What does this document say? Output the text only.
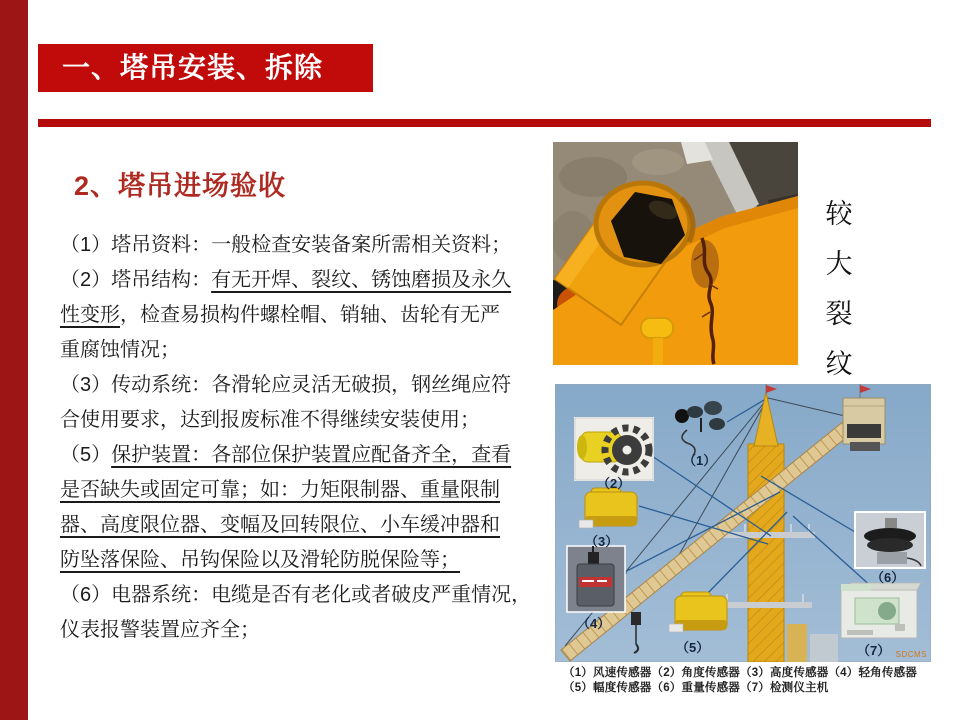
一、塔吊安装、拆除
2、塔吊进场验收
（1）塔吊资料：一般检查安装备案所需相关资料；
（2）塔吊结构：有无开焊、裂纹、锈蚀磨损及永久
性变形，检查易损构件螺栓帽、销轴、齿轮有无严
重腐蚀情况；
（3）传动系统：各滑轮应灵活无破损，钢丝绳应符
合使用要求，达到报废标准不得继续安装使用；
（5）保护装置：各部位保护装置应配备齐全，查看
是否缺失或固定可靠；如：力矩限制器、重量限制
器、高度限位器、变幅及回转限位、小车缓冲器和
防坠落保险、吊钩保险以及滑轮防脱保险等；
（6）电器系统：电缆是否有老化或者破皮严重情况，
仪表报警装置应齐全；
较
大
裂
纹
（1）
（2）
（3）
（4）
（5）
（6）
（7） SDCMS
（1）风速传感器（2）角度传感器（3）高度传感器（4）轻角传感器
（5）幅度传感器（6）重量传感器（7）检测仪主机
